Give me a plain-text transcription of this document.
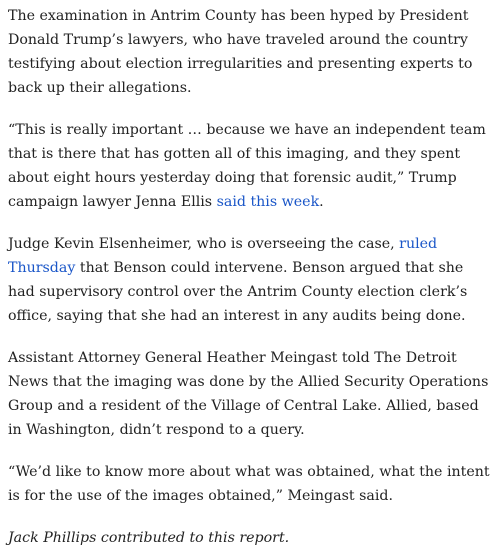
The examination in Antrim County has been hyped by President Donald Trump’s lawyers, who have traveled around the country testifying about election irregularities and presenting experts to back up their allegations.

“This is really important … because we have an independent team that is there that has gotten all of this imaging, and they spent about eight hours yesterday doing that forensic audit,” Trump campaign lawyer Jenna Ellis said this week.

Judge Kevin Elsenheimer, who is overseeing the case, ruled Thursday that Benson could intervene. Benson argued that she had supervisory control over the Antrim County election clerk’s office, saying that she had an interest in any audits being done.

Assistant Attorney General Heather Meingast told The Detroit News that the imaging was done by the Allied Security Operations Group and a resident of the Village of Central Lake. Allied, based in Washington, didn’t respond to a query.

“We’d like to know more about what was obtained, what the intent is for the use of the images obtained,” Meingast said.

Jack Phillips contributed to this report.
